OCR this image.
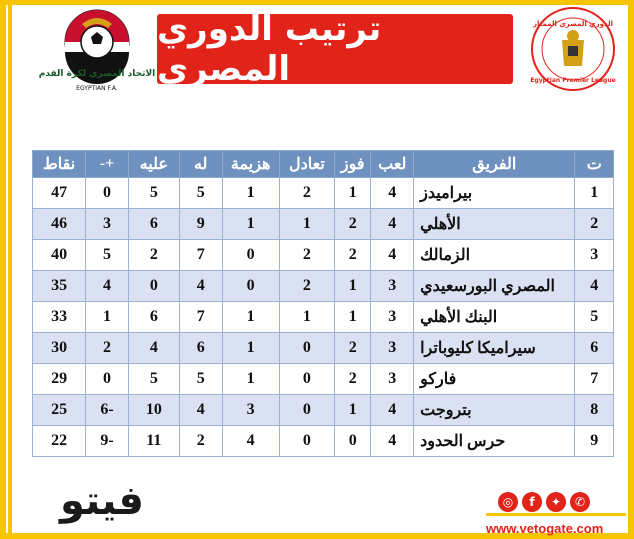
الاتحاد المصري لكرة القدم
EGYPTIAN F.A.
ترتيب الدوري المصري
الدوري المصري الممتاز
Egyptian Premier League
ت	الفريق	لعب	فوز	تعادل	هزيمة	له	عليه	+-	نقاط
1	بيراميدز	4	1	2	1	5	5	0	47
2	الأهلي	4	2	1	1	9	6	3	46
3	الزمالك	4	2	2	0	7	2	5	40
4	المصري البورسعيدي	3	1	2	0	4	0	4	35
5	البنك الأهلي	3	1	1	1	7	6	1	33
6	سيراميكا كليوباترا	3	2	0	1	6	4	2	30
7	فاركو	3	2	0	1	5	5	0	29
8	بتروجت	4	1	0	3	4	10	6-	25
9	حرس الحدود	4	0	0	4	2	11	9-	22
فيتو	◎	f	✦	✆
www.vetogate.com
